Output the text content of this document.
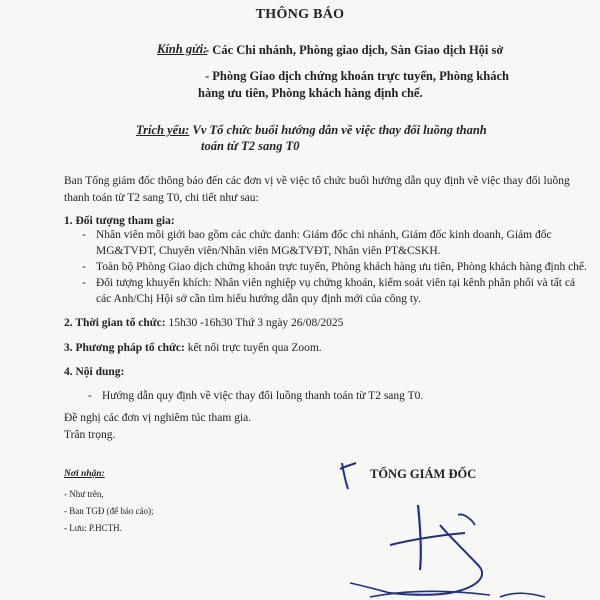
THÔNG BÁO
Kính gửi:
- Các Chi nhánh, Phòng giao dịch, Sàn Giao dịch Hội sở
- Phòng Giao dịch chứng khoán trực tuyến, Phòng khách
hàng ưu tiên, Phòng khách hàng định chế.
Trích yếu: Vv Tổ chức buổi hướng dẫn về việc thay đổi luồng thanh
toán từ T2 sang T0
Ban Tổng giám đốc thông báo đến các đơn vị về việc tổ chức buổi hướng dẫn quy định về việc thay đổi luồng
thanh toán từ T2 sang T0, chi tiết như sau:
1. Đối tượng tham gia:
- Nhân viên môi giới bao gồm các chức danh: Giám đốc chi nhánh, Giám đốc kinh doanh, Giám đốc
MG&TVĐT, Chuyên viên/Nhân viên MG&TVĐT, Nhân viên PT&CSKH.
- Toàn bộ Phòng Giao dịch chứng khoán trực tuyến, Phòng khách hàng ưu tiên, Phòng khách hàng định chế.
- Đối tượng khuyến khích: Nhân viên nghiệp vụ chứng khoán, kiểm soát viên tại kênh phân phối và tất cả
các Anh/Chị Hội sở cần tìm hiểu hướng dẫn quy định mới của công ty.
2. Thời gian tổ chức: 15h30 -16h30 Thứ 3 ngày 26/08/2025
3. Phương pháp tổ chức: kết nối trực tuyến qua Zoom.
4. Nội dung:
- Hướng dẫn quy định về việc thay đổi luồng thanh toán từ T2 sang T0.
Đề nghị các đơn vị nghiêm túc tham gia.
Trân trọng.
Nơi nhận:
- Như trên,
- Ban TGĐ (để báo cáo);
- Lưu: P.HCTH.
TỔNG GIÁM ĐỐC
